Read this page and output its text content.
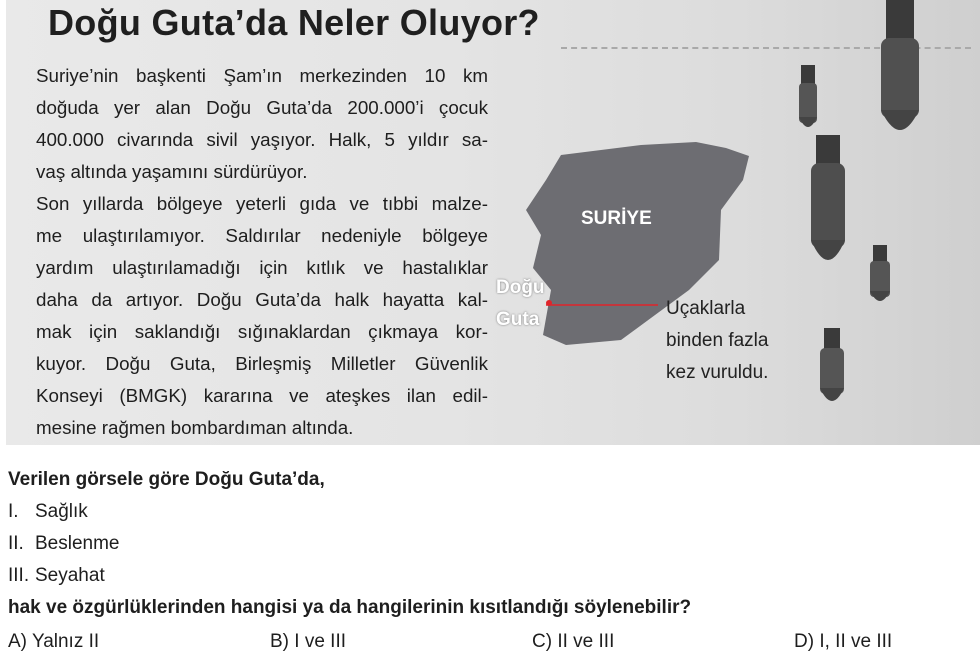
Doğu Guta’da Neler Oluyor?
Suriye’nin başkenti Şam’ın merkezinden 10 km
doğuda yer alan Doğu Guta’da 200.000’i çocuk
400.000 civarında sivil yaşıyor. Halk, 5 yıldır sa-
vaş altında yaşamını sürdürüyor.
Son yıllarda bölgeye yeterli gıda ve tıbbi malze-
me ulaştırılamıyor. Saldırılar nedeniyle bölgeye
yardım ulaştırılamadığı için kıtlık ve hastalıklar
daha da artıyor. Doğu Guta’da halk hayatta kal-
mak için saklandığı sığınaklardan çıkmaya kor-
kuyor. Doğu Guta, Birleşmiş Milletler Güvenlik
Konseyi (BMGK) kararına ve ateşkes ilan edil-
mesine rağmen bombardıman altında.
SURİYE
Doğu
Guta
Uçaklarla
binden fazla
kez vuruldu.
Verilen görsele göre Doğu Guta’da,
I. Sağlık
II. Beslenme
III. Seyahat
hak ve özgürlüklerinden hangisi ya da hangilerinin kısıtlandığı söylenebilir?
A) Yalnız II	B) I ve III	C) II ve III	D) I, II ve III
